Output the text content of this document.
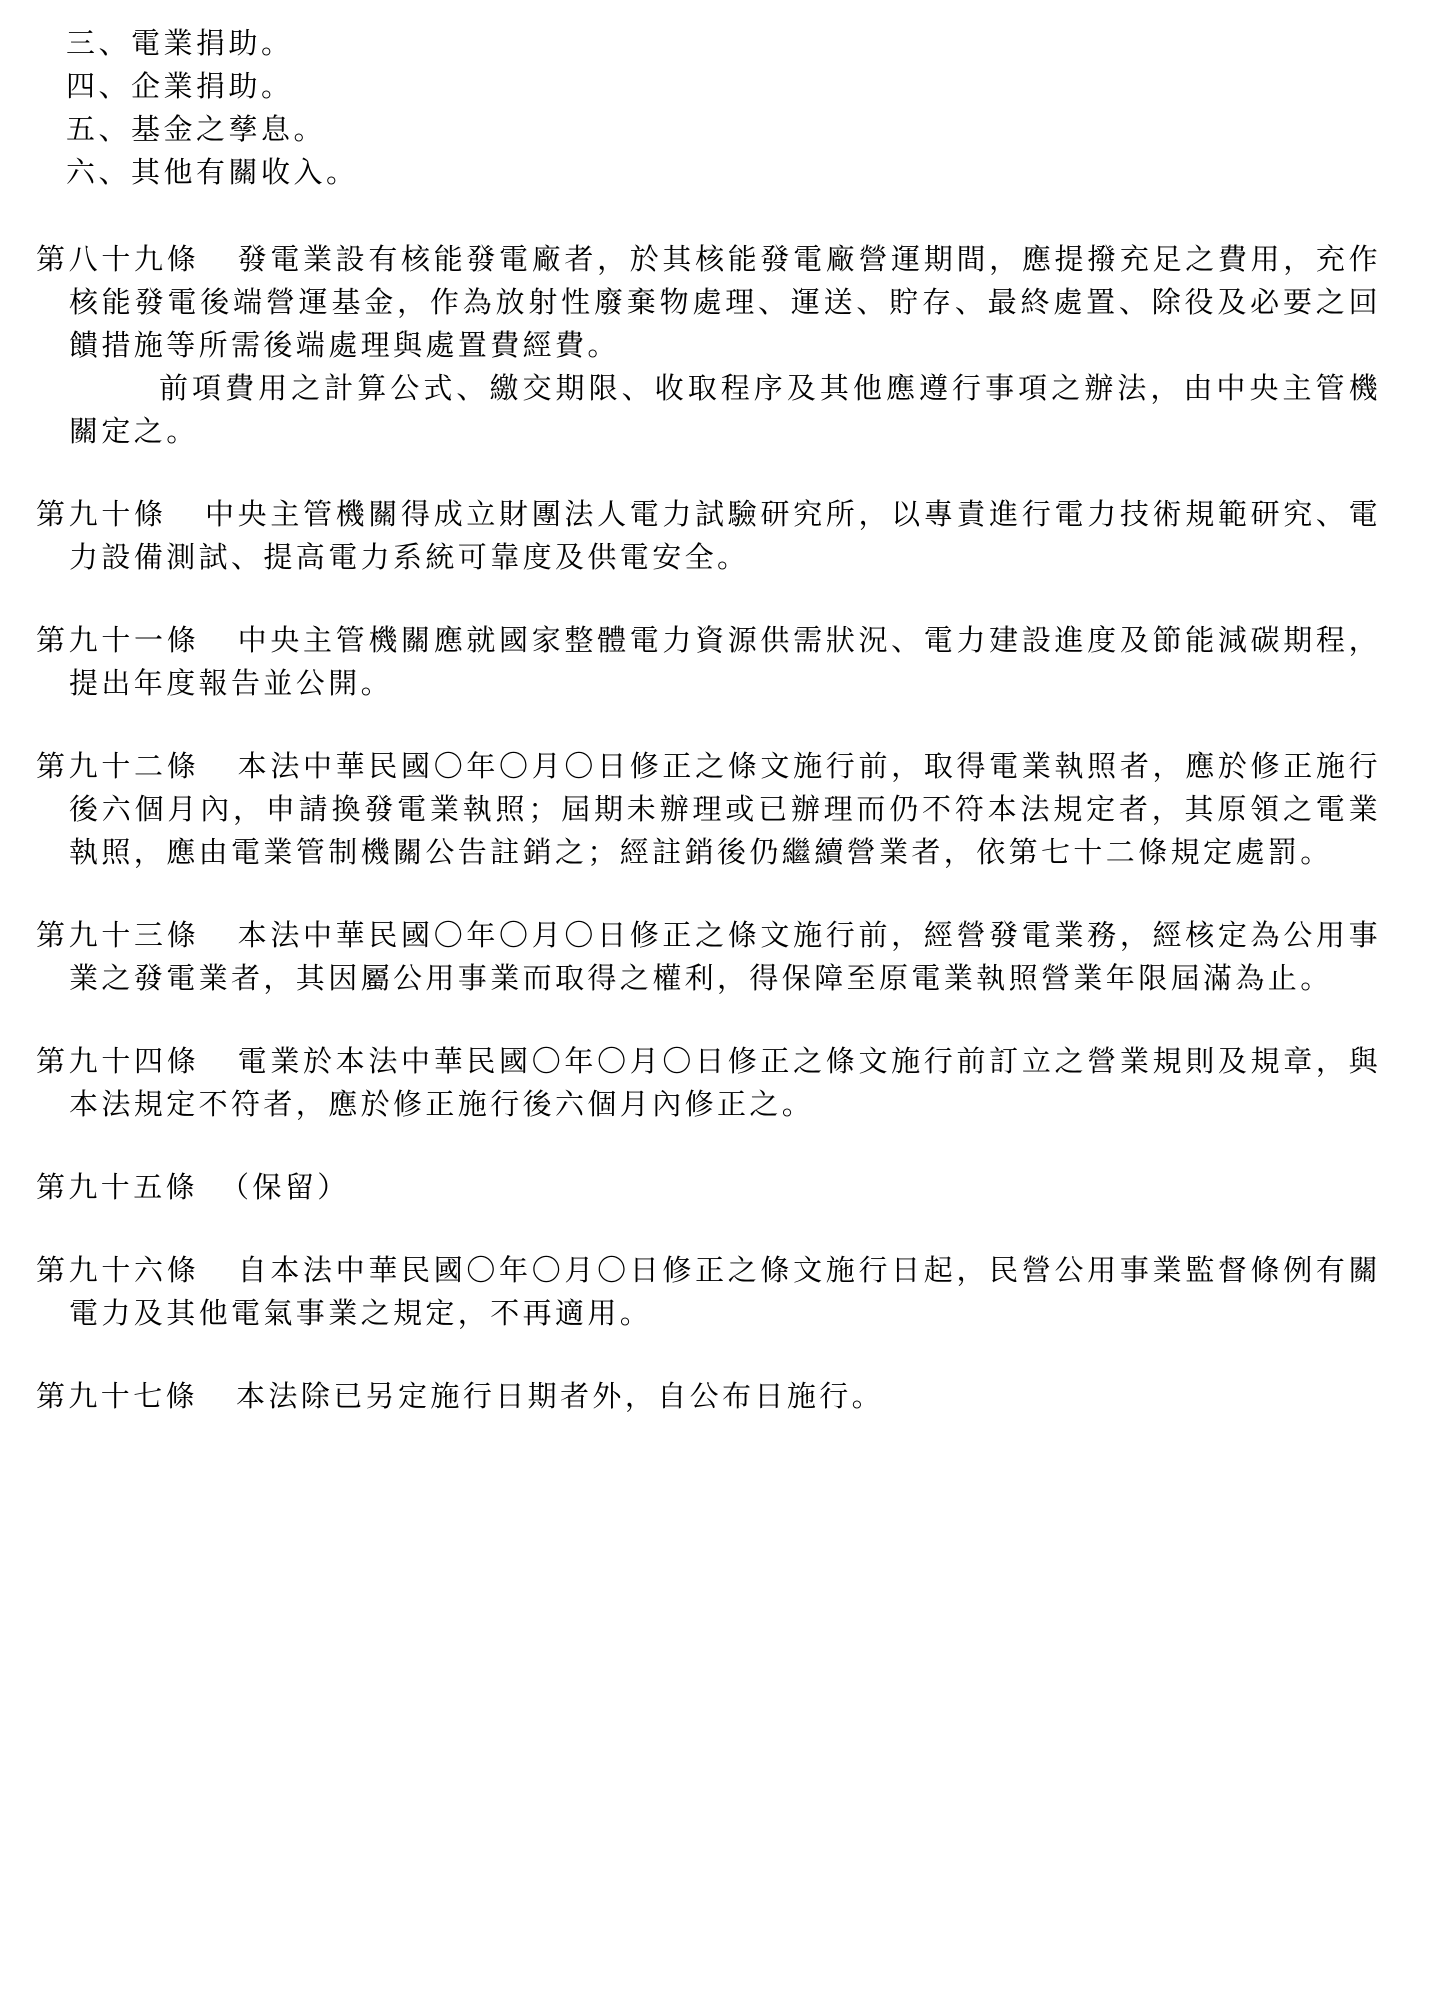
三、電業捐助。
四、企業捐助。
五、基金之孳息。
六、其他有關收入。
第八十九條 發電業設有核能發電廠者，於其核能發電廠營運期間，應提撥充足之費用，充作核能發電後端營運基金，作為放射性廢棄物處理、運送、貯存、最終處置、除役及必要之回饋措施等所需後端處理與處置費經費。
前項費用之計算公式、繳交期限、收取程序及其他應遵行事項之辦法，由中央主管機關定之。
第九十條 中央主管機關得成立財團法人電力試驗研究所，以專責進行電力技術規範研究、電力設備測試、提高電力系統可靠度及供電安全。
第九十一條 中央主管機關應就國家整體電力資源供需狀況、電力建設進度及節能減碳期程，提出年度報告並公開。
第九十二條 本法中華民國〇年〇月〇日修正之條文施行前，取得電業執照者，應於修正施行後六個月內，申請換發電業執照；屆期未辦理或已辦理而仍不符本法規定者，其原領之電業執照，應由電業管制機關公告註銷之；經註銷後仍繼續營業者，依第七十二條規定處罰。
第九十三條 本法中華民國〇年〇月〇日修正之條文施行前，經營發電業務，經核定為公用事業之發電業者，其因屬公用事業而取得之權利，得保障至原電業執照營業年限屆滿為止。
第九十四條 電業於本法中華民國〇年〇月〇日修正之條文施行前訂立之營業規則及規章，與本法規定不符者，應於修正施行後六個月內修正之。
第九十五條 （保留）
第九十六條 自本法中華民國〇年〇月〇日修正之條文施行日起，民營公用事業監督條例有關電力及其他電氣事業之規定，不再適用。
第九十七條 本法除已另定施行日期者外，自公布日施行。
